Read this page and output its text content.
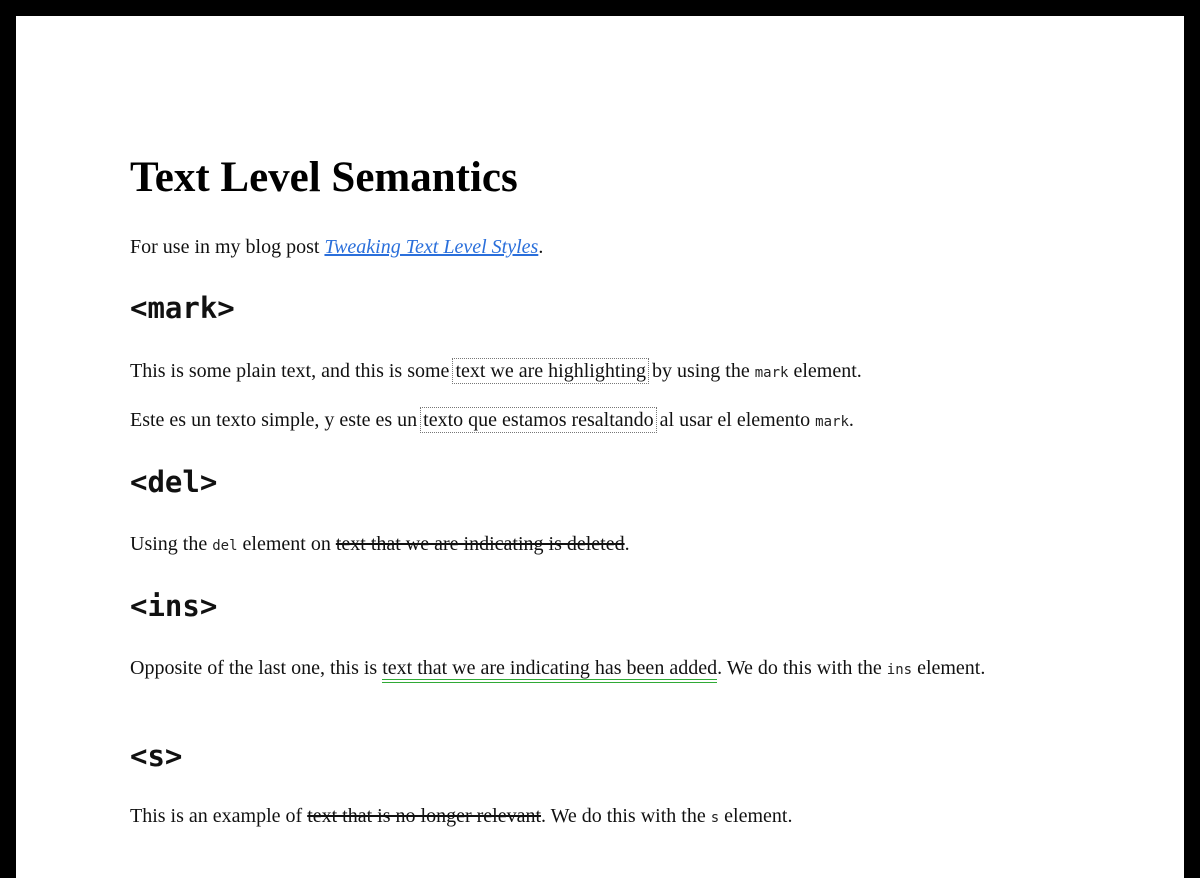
Text Level Semantics

For use in my blog post Tweaking Text Level Styles.

<mark>

This is some plain text, and this is some text we are highlighting by using the mark element.

Este es un texto simple, y este es un texto que estamos resaltando al usar el elemento mark.

<del>

Using the del element on text that we are indicating is deleted.

<ins>

Opposite of the last one, this is text that we are indicating has been added. We do this with the ins element.

<s>

This is an example of text that is no longer relevant. We do this with the s element.
